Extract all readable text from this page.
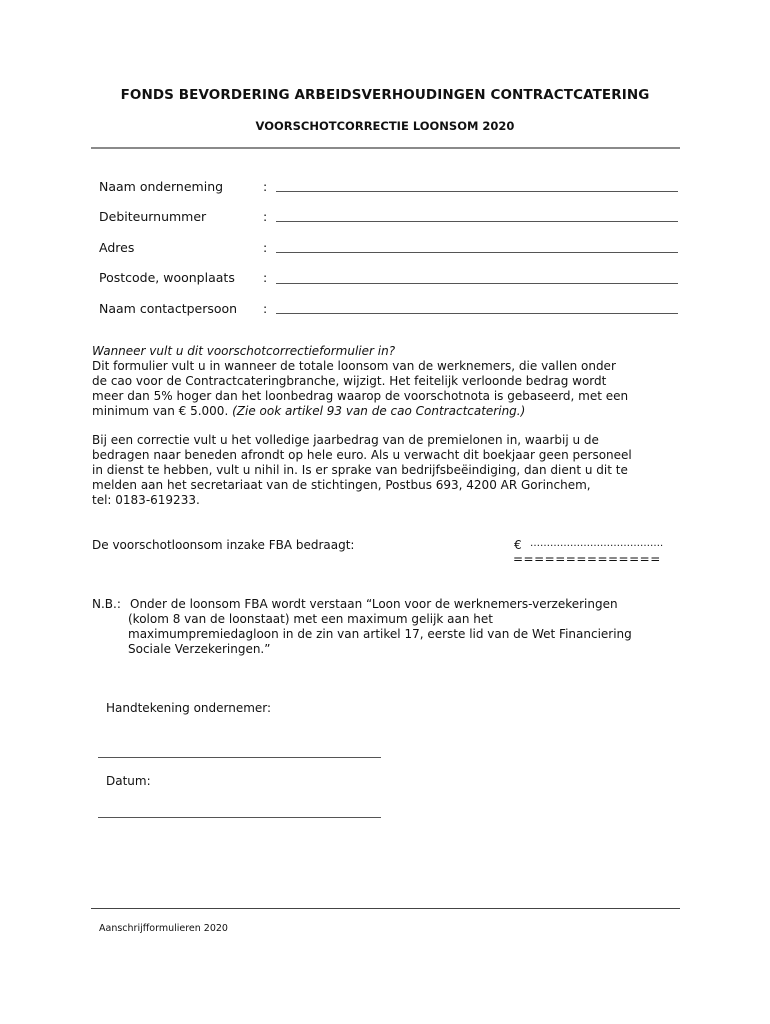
FONDS BEVORDERING ARBEIDSVERHOUDINGEN CONTRACTCATERING
VOORSCHOTCORRECTIE LOONSOM 2020
Naam onderneming	:
Debiteurnummer	:
Adres	:
Postcode, woonplaats :
Naam contactpersoon :

Wanneer vult u dit voorschotcorrectieformulier in?

Dit formulier vult u in wanneer de totale loonsom van de werknemers, die vallen onder

de cao voor de Contractcateringbranche, wijzigt. Het feitelijk verloonde bedrag wordt

meer dan 5% hoger dan het loonbedrag waarop de voorschotnota is gebaseerd, met een

minimum van € 5.000. (Zie ook artikel 93 van de cao Contractcatering.)

Bij een correctie vult u het volledige jaarbedrag van de premielonen in, waarbij u de

bedragen naar beneden afrondt op hele euro. Als u verwacht dit boekjaar geen personeel

in dienst te hebben, vult u nihil in. Is er sprake van bedrijfsbeëindiging, dan dient u dit te

melden aan het secretariaat van de stichtingen, Postbus 693, 4200 AR Gorinchem,

tel: 0183-619233.

De voorschotloonsom inzake FBA bedraagt:	€ ………………………………….
==============
N.B.: Onder de loonsom FBA wordt verstaan “Loon voor de werknemers-verzekeringen

(kolom 8 van de loonstaat) met een maximum gelijk aan het

maximumpremiedagloon in de zin van artikel 17, eerste lid van de Wet Financiering

Sociale Verzekeringen.”

Handtekening ondernemer:
Datum:
Aanschrijfformulieren 2020
